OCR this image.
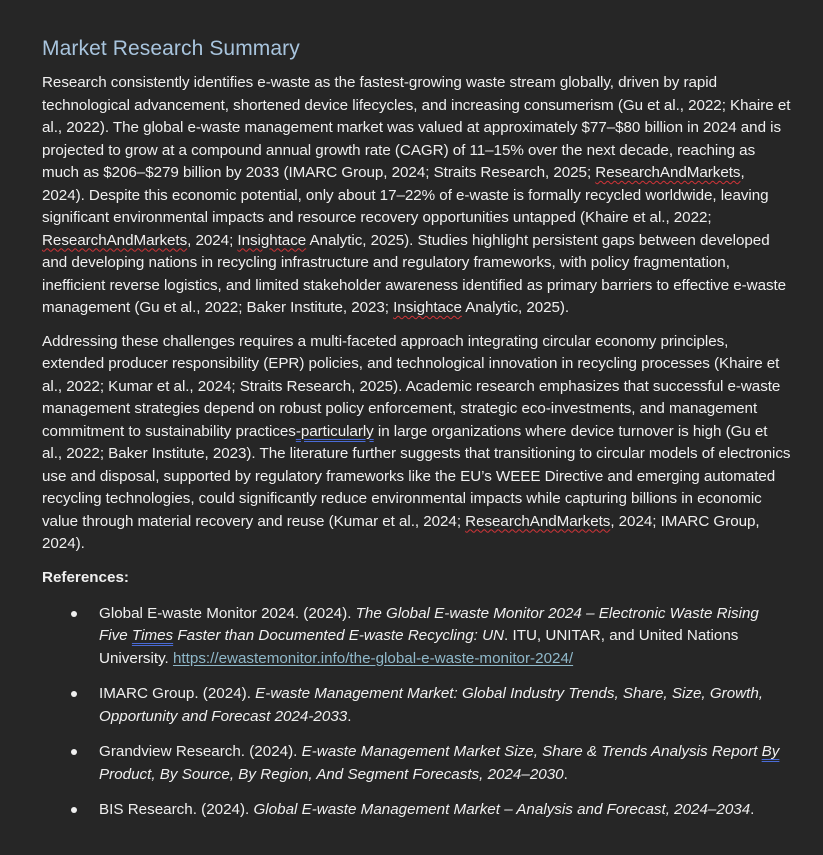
Market Research Summary

Research consistently identifies e-waste as the fastest-growing waste stream globally, driven by rapid technological advancement, shortened device lifecycles, and increasing consumerism (Gu et al., 2022; Khaire et al., 2022). The global e-waste management market was valued at approximately $77–$80 billion in 2024 and is projected to grow at a compound annual growth rate (CAGR) of 11–15% over the next decade, reaching as much as $206–$279 billion by 2033 (IMARC Group, 2024; Straits Research, 2025; ResearchAndMarkets, 2024). Despite this economic potential, only about 17–22% of e-waste is formally recycled worldwide, leaving significant environmental impacts and resource recovery opportunities untapped (Khaire et al., 2022; ResearchAndMarkets, 2024; Insightace Analytic, 2025). Studies highlight persistent gaps between developed and developing nations in recycling infrastructure and regulatory frameworks, with policy fragmentation, inefficient reverse logistics, and limited stakeholder awareness identified as primary barriers to effective e-waste management (Gu et al., 2022; Baker Institute, 2023; Insightace Analytic, 2025).

Addressing these challenges requires a multi-faceted approach integrating circular economy principles, extended producer responsibility (EPR) policies, and technological innovation in recycling processes (Khaire et al., 2022; Kumar et al., 2024; Straits Research, 2025). Academic research emphasizes that successful e-waste management strategies depend on robust policy enforcement, strategic eco-investments, and management commitment to sustainability practices-particularly in large organizations where device turnover is high (Gu et al., 2022; Baker Institute, 2023). The literature further suggests that transitioning to circular models of electronics use and disposal, supported by regulatory frameworks like the EU’s WEEE Directive and emerging automated recycling technologies, could significantly reduce environmental impacts while capturing billions in economic value through material recovery and reuse (Kumar et al., 2024; ResearchAndMarkets, 2024; IMARC Group, 2024).

References:
Global E-waste Monitor 2024. (2024). The Global E-waste Monitor 2024 – Electronic Waste Rising Five Times Faster than Documented E-waste Recycling: UN. ITU, UNITAR, and United Nations University. https://ewastemonitor.info/the-global-e-waste-monitor-2024/
IMARC Group. (2024). E-waste Management Market: Global Industry Trends, Share, Size, Growth, Opportunity and Forecast 2024-2033.
Grandview Research. (2024). E-waste Management Market Size, Share & Trends Analysis Report By Product, By Source, By Region, And Segment Forecasts, 2024–2030.
BIS Research. (2024). Global E-waste Management Market – Analysis and Forecast, 2024–2034.
